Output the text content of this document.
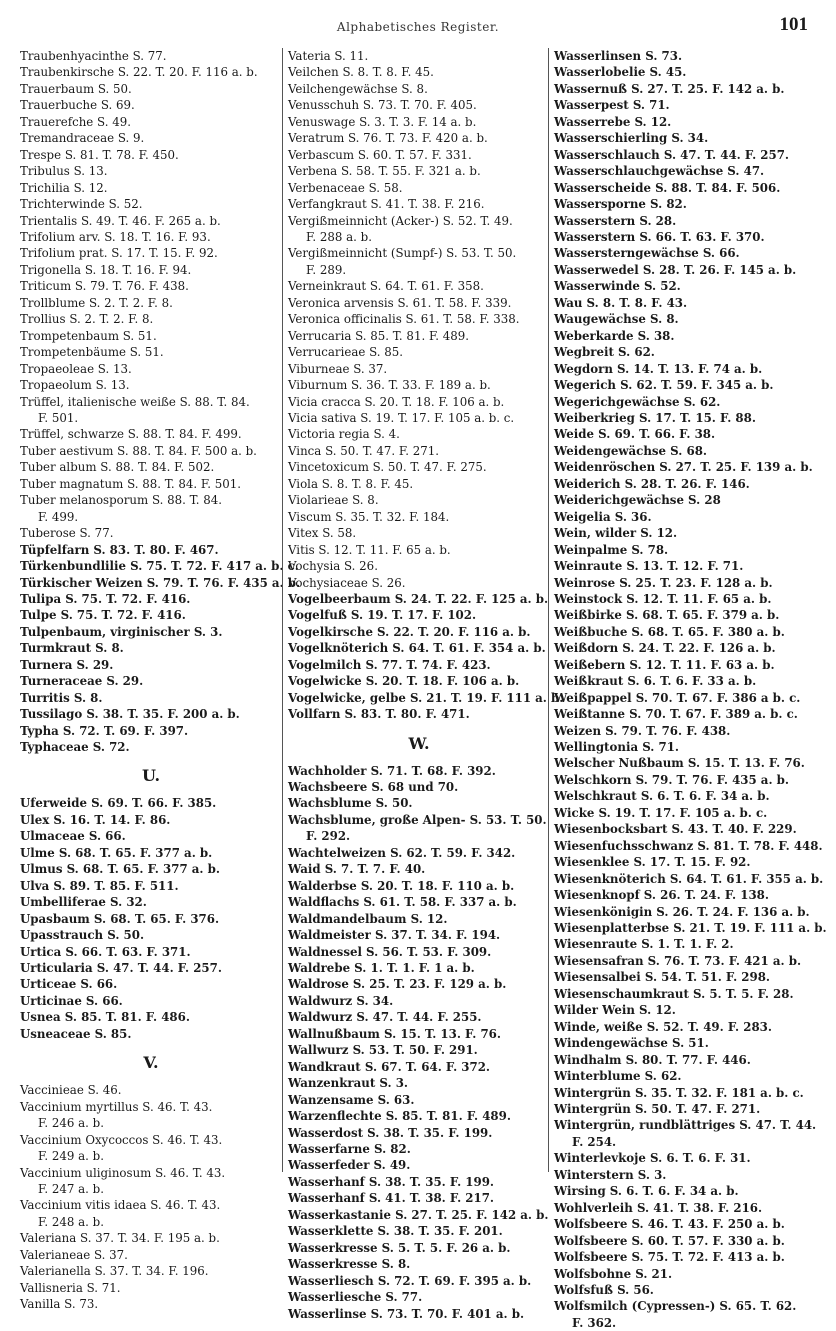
Alphabetisches Register.	101
Traubenhyacinthe S. 77.
Traubenkirsche S. 22. T. 20. F. 116 a. b.
Trauerbaum S. 50.
Trauerbuche S. 69.
Trauerefche S. 49.
Tremandraceae S. 9.
Trespe S. 81. T. 78. F. 450.
Tribulus S. 13.
Trichilia S. 12.
Trichterwinde S. 52.
Trientalis S. 49. T. 46. F. 265 a. b.
Trifolium arv. S. 18. T. 16. F. 93.
Trifolium prat. S. 17. T. 15. F. 92.
Trigonella S. 18. T. 16. F. 94.
Triticum S. 79. T. 76. F. 438.
Trollblume S. 2. T. 2. F. 8.
Trollius S. 2. T. 2. F. 8.
Trompetenbaum S. 51.
Trompetenbäume S. 51.
Tropaeoleae S. 13.
Tropaeolum S. 13.
Trüffel, italienische weiße S. 88. T. 84.
F. 501.
Trüffel, schwarze S. 88. T. 84. F. 499.
Tuber aestivum S. 88. T. 84. F. 500 a. b.
Tuber album S. 88. T. 84. F. 502.
Tuber magnatum S. 88. T. 84. F. 501.
Tuber melanosporum S. 88. T. 84.
F. 499.
Tuberose S. 77.
Tüpfelfarn S. 83. T. 80. F. 467.
Türkenbundlilie S. 75. T. 72. F. 417 a. b. c.
Türkischer Weizen S. 79. T. 76. F. 435 a. b.
Tulipa S. 75. T. 72. F. 416.
Tulpe S. 75. T. 72. F. 416.
Tulpenbaum, virginischer S. 3.
Turmkraut S. 8.
Turnera S. 29.
Turneraceae S. 29.
Turritis S. 8.
Tussilago S. 38. T. 35. F. 200 a. b.
Typha S. 72. T. 69. F. 397.
Typhaceae S. 72.
U.
Uferweide S. 69. T. 66. F. 385.
Ulex S. 16. T. 14. F. 86.
Ulmaceae S. 66.
Ulme S. 68. T. 65. F. 377 a. b.
Ulmus S. 68. T. 65. F. 377 a. b.
Ulva S. 89. T. 85. F. 511.
Umbelliferae S. 32.
Upasbaum S. 68. T. 65. F. 376.
Upasstrauch S. 50.
Urtica S. 66. T. 63. F. 371.
Urticularia S. 47. T. 44. F. 257.
Urticeae S. 66.
Urticinae S. 66.
Usnea S. 85. T. 81. F. 486.
Usneaceae S. 85.
V.
Vaccinieae S. 46.
Vaccinium myrtillus S. 46. T. 43.
F. 246 a. b.
Vaccinium Oxycoccos S. 46. T. 43.
F. 249 a. b.
Vaccinium uliginosum S. 46. T. 43.
F. 247 a. b.
Vaccinium vitis idaea S. 46. T. 43.
F. 248 a. b.
Valeriana S. 37. T. 34. F. 195 a. b.
Valerianeae S. 37.
Valerianella S. 37. T. 34. F. 196.
Vallisneria S. 71.
Vanilla S. 73.
Vateria S. 11.
Veilchen S. 8. T. 8. F. 45.
Veilchengewächse S. 8.
Venusschuh S. 73. T. 70. F. 405.
Venuswage S. 3. T. 3. F. 14 a. b.
Veratrum S. 76. T. 73. F. 420 a. b.
Verbascum S. 60. T. 57. F. 331.
Verbena S. 58. T. 55. F. 321 a. b.
Verbenaceae S. 58.
Verfangkraut S. 41. T. 38. F. 216.
Vergißmeinnicht (Acker-) S. 52. T. 49.
F. 288 a. b.
Vergißmeinnicht (Sumpf-) S. 53. T. 50.
F. 289.
Verneinkraut S. 64. T. 61. F. 358.
Veronica arvensis S. 61. T. 58. F. 339.
Veronica officinalis S. 61. T. 58. F. 338.
Verrucaria S. 85. T. 81. F. 489.
Verrucarieae S. 85.
Viburneae S. 37.
Viburnum S. 36. T. 33. F. 189 a. b.
Vicia cracca S. 20. T. 18. F. 106 a. b.
Vicia sativa S. 19. T. 17. F. 105 a. b. c.
Victoria regia S. 4.
Vinca S. 50. T. 47. F. 271.
Vincetoxicum S. 50. T. 47. F. 275.
Viola S. 8. T. 8. F. 45.
Violarieae S. 8.
Viscum S. 35. T. 32. F. 184.
Vitex S. 58.
Vitis S. 12. T. 11. F. 65 a. b.
Vochysia S. 26.
Vochysiaceae S. 26.
Vogelbeerbaum S. 24. T. 22. F. 125 a. b.
Vogelfuß S. 19. T. 17. F. 102.
Vogelkirsche S. 22. T. 20. F. 116 a. b.
Vogelknöterich S. 64. T. 61. F. 354 a. b.
Vogelmilch S. 77. T. 74. F. 423.
Vogelwicke S. 20. T. 18. F. 106 a. b.
Vogelwicke, gelbe S. 21. T. 19. F. 111 a. b.
Vollfarn S. 83. T. 80. F. 471.
W.
Wachholder S. 71. T. 68. F. 392.
Wachsbeere S. 68 und 70.
Wachsblume S. 50.
Wachsblume, große Alpen- S. 53. T. 50.
F. 292.
Wachtelweizen S. 62. T. 59. F. 342.
Waid S. 7. T. 7. F. 40.
Walderbse S. 20. T. 18. F. 110 a. b.
Waldflachs S. 61. T. 58. F. 337 a. b.
Waldmandelbaum S. 12.
Waldmeister S. 37. T. 34. F. 194.
Waldnessel S. 56. T. 53. F. 309.
Waldrebe S. 1. T. 1. F. 1 a. b.
Waldrose S. 25. T. 23. F. 129 a. b.
Waldwurz S. 34.
Waldwurz S. 47. T. 44. F. 255.
Wallnußbaum S. 15. T. 13. F. 76.
Wallwurz S. 53. T. 50. F. 291.
Wandkraut S. 67. T. 64. F. 372.
Wanzenkraut S. 3.
Wanzensame S. 63.
Warzenflechte S. 85. T. 81. F. 489.
Wasserdost S. 38. T. 35. F. 199.
Wasserfarne S. 82.
Wasserfeder S. 49.
Wasserhanf S. 38. T. 35. F. 199.
Wasserhanf S. 41. T. 38. F. 217.
Wasserkastanie S. 27. T. 25. F. 142 a. b.
Wasserklette S. 38. T. 35. F. 201.
Wasserkresse S. 5. T. 5. F. 26 a. b.
Wasserkresse S. 8.
Wasserliesch S. 72. T. 69. F. 395 a. b.
Wasserliesche S. 77.
Wasserlinse S. 73. T. 70. F. 401 a. b.
Wasserlinsen S. 73.
Wasserlobelie S. 45.
Wassernuß S. 27. T. 25. F. 142 a. b.
Wasserpest S. 71.
Wasserrebe S. 12.
Wasserschierling S. 34.
Wasserschlauch S. 47. T. 44. F. 257.
Wasserschlauchgewächse S. 47.
Wasserscheide S. 88. T. 84. F. 506.
Wassersporne S. 82.
Wasserstern S. 28.
Wasserstern S. 66. T. 63. F. 370.
Wassersterngewächse S. 66.
Wasserwedel S. 28. T. 26. F. 145 a. b.
Wasserwinde S. 52.
Wau S. 8. T. 8. F. 43.
Waugewächse S. 8.
Weberkarde S. 38.
Wegbreit S. 62.
Wegdorn S. 14. T. 13. F. 74 a. b.
Wegerich S. 62. T. 59. F. 345 a. b.
Wegerichgewächse S. 62.
Weiberkrieg S. 17. T. 15. F. 88.
Weide S. 69. T. 66. F. 38.
Weidengewächse S. 68.
Weidenröschen S. 27. T. 25. F. 139 a. b.
Weiderich S. 28. T. 26. F. 146.
Weiderichgewächse S. 28
Weigelia S. 36.
Wein, wilder S. 12.
Weinpalme S. 78.
Weinraute S. 13. T. 12. F. 71.
Weinrose S. 25. T. 23. F. 128 a. b.
Weinstock S. 12. T. 11. F. 65 a. b.
Weißbirke S. 68. T. 65. F. 379 a. b.
Weißbuche S. 68. T. 65. F. 380 a. b.
Weißdorn S. 24. T. 22. F. 126 a. b.
Weißebern S. 12. T. 11. F. 63 a. b.
Weißkraut S. 6. T. 6. F. 33 a. b.
Weißpappel S. 70. T. 67. F. 386 a b. c.
Weißtanne S. 70. T. 67. F. 389 a. b. c.
Weizen S. 79. T. 76. F. 438.
Wellingtonia S. 71.
Welscher Nußbaum S. 15. T. 13. F. 76.
Welschkorn S. 79. T. 76. F. 435 a. b.
Welschkraut S. 6. T. 6. F. 34 a. b.
Wicke S. 19. T. 17. F. 105 a. b. c.
Wiesenbocksbart S. 43. T. 40. F. 229.
Wiesenfuchsschwanz S. 81. T. 78. F. 448.
Wiesenklee S. 17. T. 15. F. 92.
Wiesenknöterich S. 64. T. 61. F. 355 a. b.
Wiesenknopf S. 26. T. 24. F. 138.
Wiesenkönigin S. 26. T. 24. F. 136 a. b.
Wiesenplatterbse S. 21. T. 19. F. 111 a. b.
Wiesenraute S. 1. T. 1. F. 2.
Wiesensafran S. 76. T. 73. F. 421 a. b.
Wiesensalbei S. 54. T. 51. F. 298.
Wiesenschaumkraut S. 5. T. 5. F. 28.
Wilder Wein S. 12.
Winde, weiße S. 52. T. 49. F. 283.
Windengewächse S. 51.
Windhalm S. 80. T. 77. F. 446.
Winterblume S. 62.
Wintergrün S. 35. T. 32. F. 181 a. b. c.
Wintergrün S. 50. T. 47. F. 271.
Wintergrün, rundblättriges S. 47. T. 44.
F. 254.
Winterlevkoje S. 6. T. 6. F. 31.
Winterstern S. 3.
Wirsing S. 6. T. 6. F. 34 a. b.
Wohlverleih S. 41. T. 38. F. 216.
Wolfsbeere S. 46. T. 43. F. 250 a. b.
Wolfsbeere S. 60. T. 57. F. 330 a. b.
Wolfsbeere S. 75. T. 72. F. 413 a. b.
Wolfsbohne S. 21.
Wolfsfuß S. 56.
Wolfsmilch (Cypressen-) S. 65. T. 62.
F. 362.
